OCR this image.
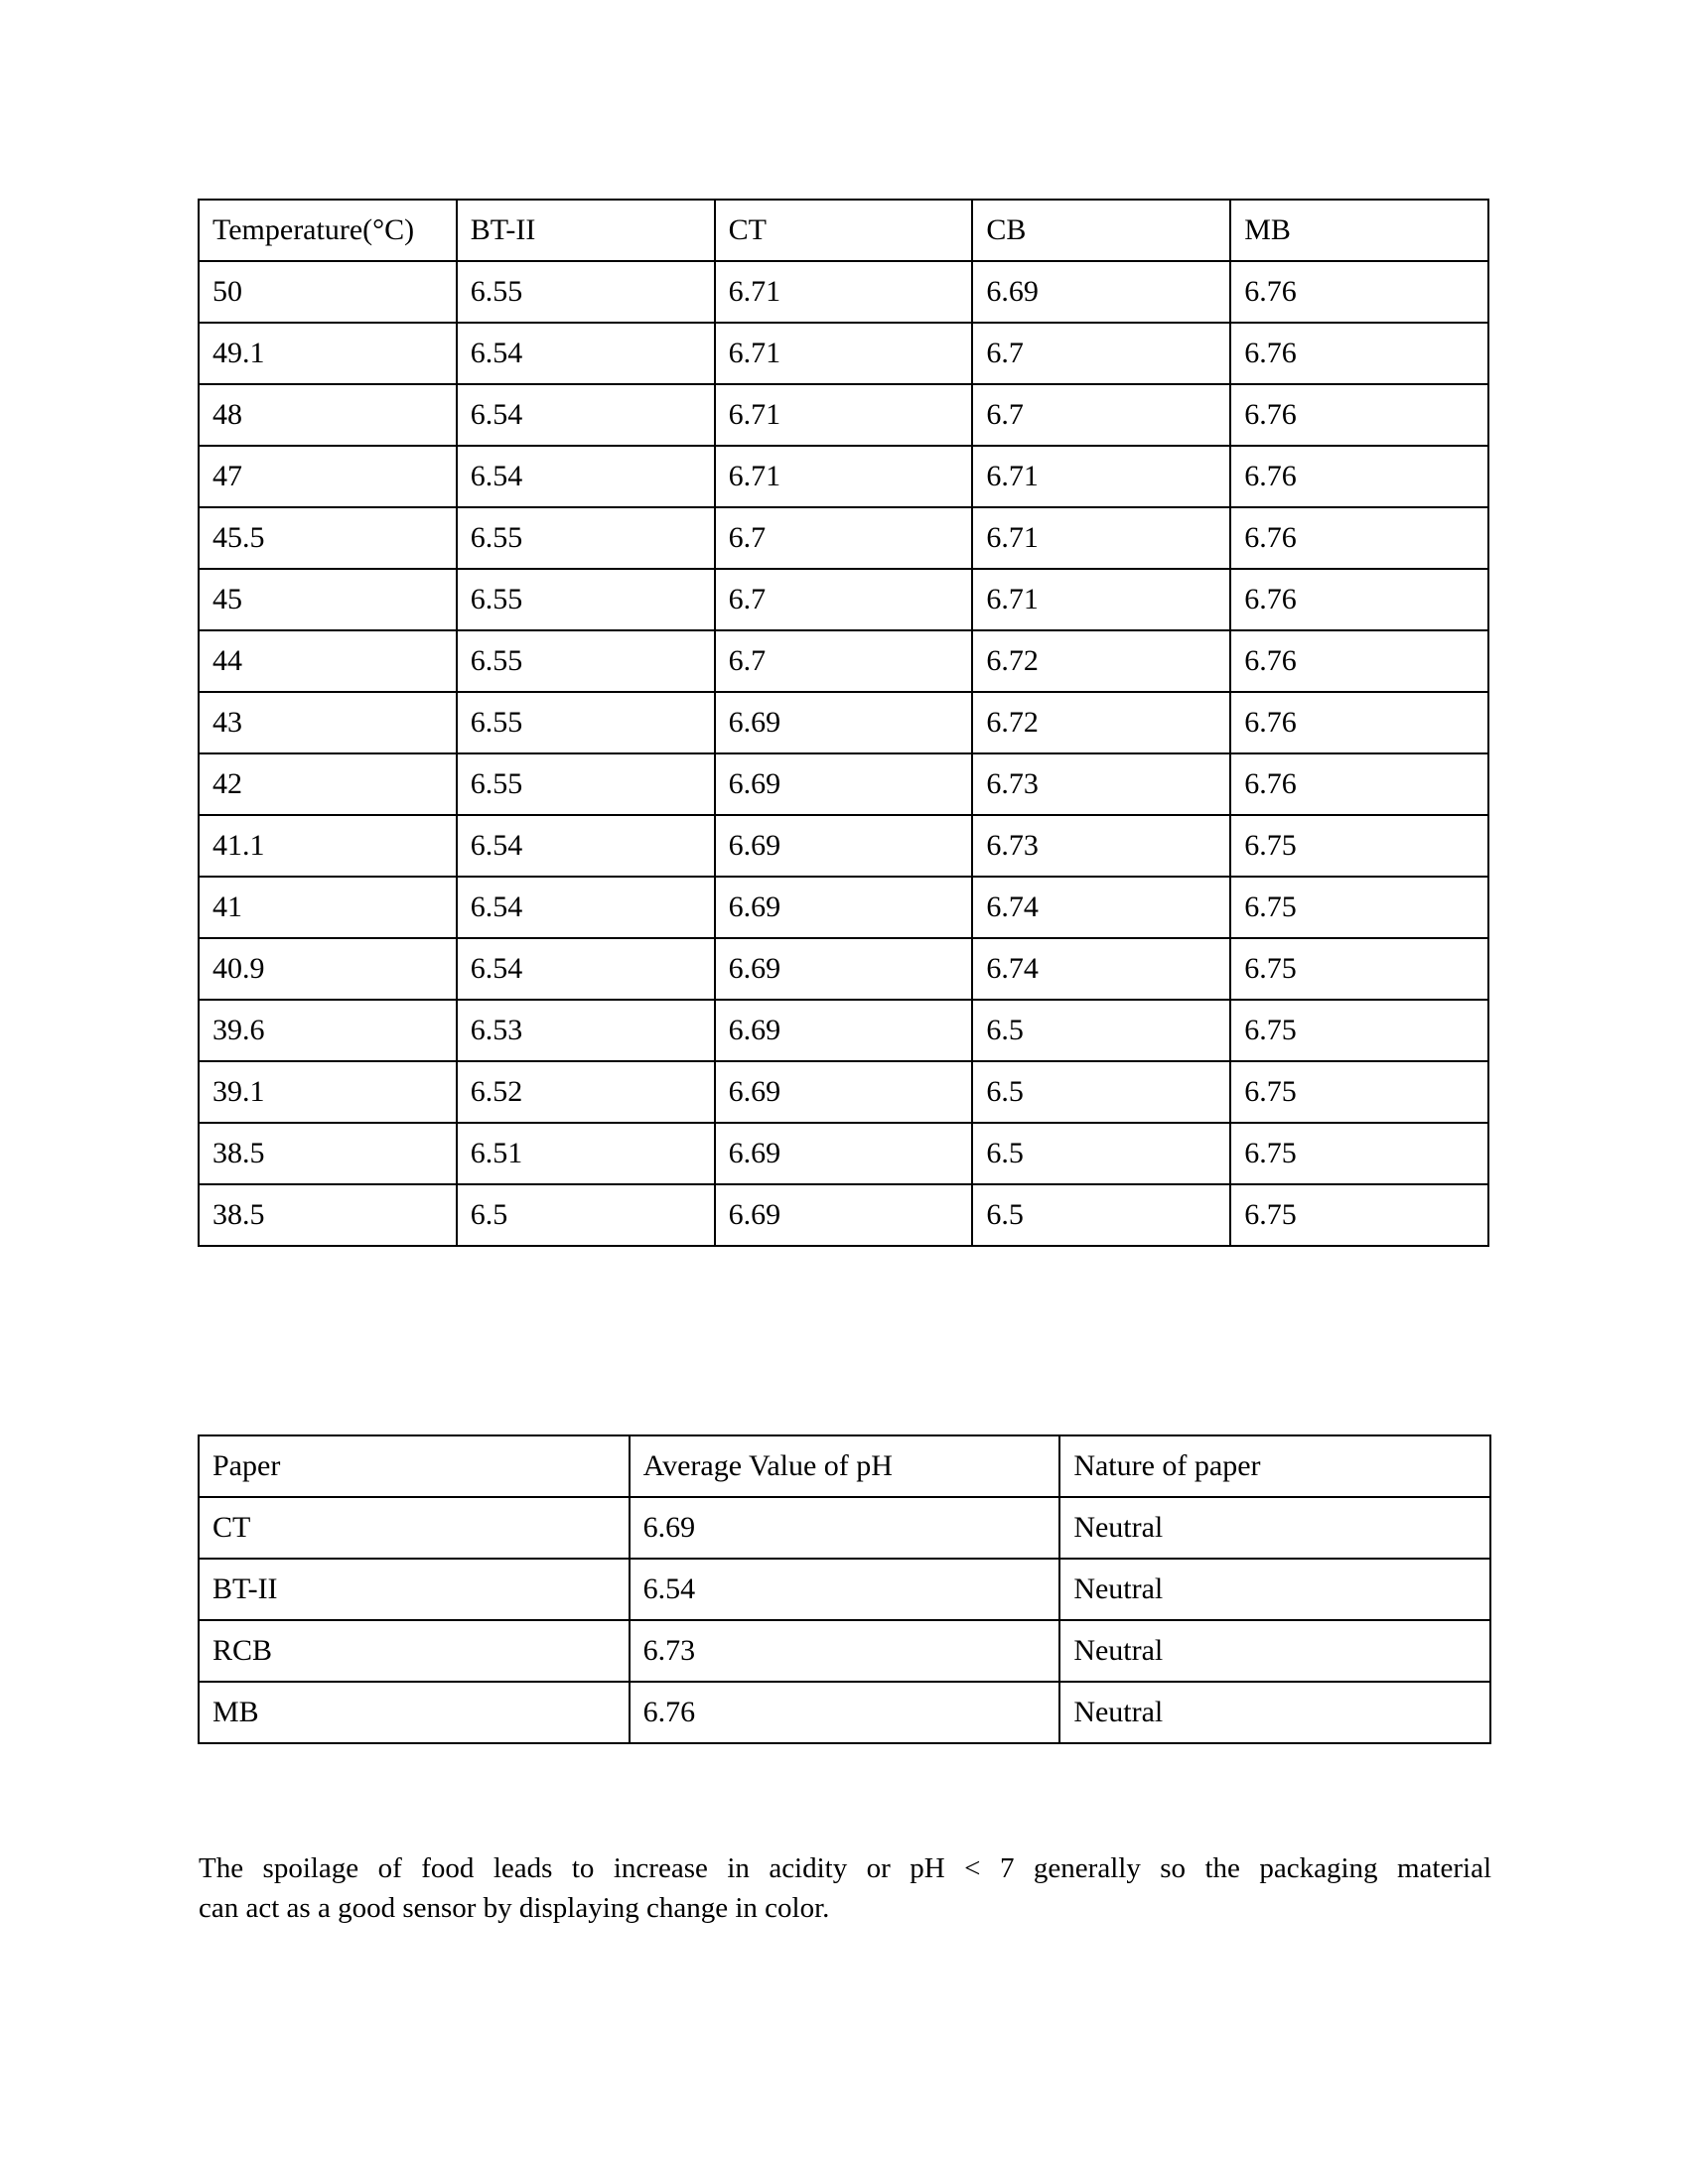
Temperature(°C)	BT-II	CT	CB	MB
50	6.55	6.71	6.69	6.76
49.1	6.54	6.71	6.7	6.76
48	6.54	6.71	6.7	6.76
47	6.54	6.71	6.71	6.76
45.5	6.55	6.7	6.71	6.76
45	6.55	6.7	6.71	6.76
44	6.55	6.7	6.72	6.76
43	6.55	6.69	6.72	6.76
42	6.55	6.69	6.73	6.76
41.1	6.54	6.69	6.73	6.75
41	6.54	6.69	6.74	6.75
40.9	6.54	6.69	6.74	6.75
39.6	6.53	6.69	6.5	6.75
39.1	6.52	6.69	6.5	6.75
38.5	6.51	6.69	6.5	6.75
38.5	6.5	6.69	6.5	6.75
Paper	Average Value of pH	Nature of paper
CT	6.69	Neutral
BT-II	6.54	Neutral
RCB	6.73	Neutral
MB	6.76	Neutral
The spoilage of food leads to increase in acidity or pH < 7 generally so the packaging material
can act as a good sensor by displaying change in color.
